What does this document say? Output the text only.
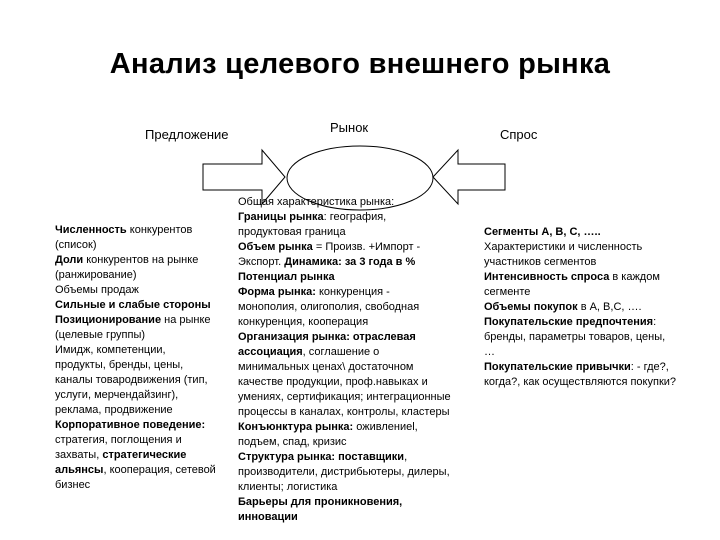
Анализ целевого внешнего рынка
Предложение	Рынок	Спрос
Численность конкурентов
(список)
Доли конкурентов на рынке
(ранжирование)
Объемы продаж
Сильные и слабые стороны
Позиционирование на рынке
(целевые группы)
Имидж, компетенции,
продукты, бренды, цены,
каналы товародвижения (тип,
услуги, мерчендайзинг),
реклама, продвижение
Корпоративное поведение:
стратегия, поглощения и
захваты, стратегические
альянсы, кооперация, сетевой
бизнес
Общая характеристика рынка:
Границы рынка: география,
продуктовая граница
Объем рынка = Произв. +Импорт -
Экспорт. Динамика: за 3 года в %
Потенциал рынка
Форма рынка: конкуренция -
монополия, олигополия, свободная
конкуренция, кооперация
Организация рынка: отраслевая
ассоциация, соглашение о
минимальных ценах\ достаточном
качестве продукции, проф.навыках и
умениях, сертификация; интеграционные
процессы в каналах, контролы, кластеры
Конъюнктура рынка: оживлениеl,
подъем, спад, кризис
Структура рынка: поставщики,
производители, дистрибьютеры, дилеры,
клиенты; логистика
Барьеры для проникновения,
инновации
Сегменты А, В, С, …..
Характеристики и численность
участников сегментов
Интенсивность спроса в каждом
сегменте
Объемы покупок в А, В,С, ….
Покупательские предпочтения:
бренды, параметры товаров, цены,
…
Покупательские привычки: - где?,
когда?, как осуществляются покупки?
